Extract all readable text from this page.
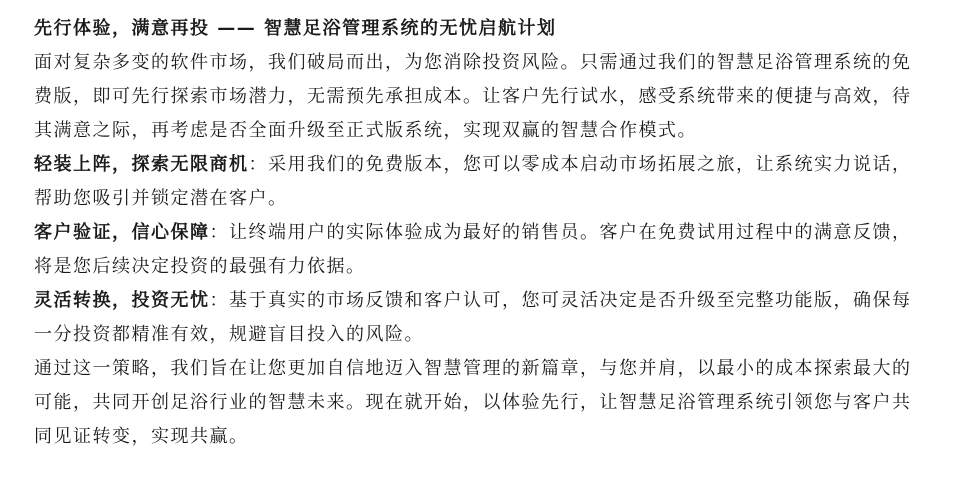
先行体验，满意再投 —— 智慧足浴管理系统的无忧启航计划

面对复杂多变的软件市场，我们破局而出，为您消除投资风险。只需通过我们的智慧足浴管理系统的免费版，即可先行探索市场潜力，无需预先承担成本。让客户先行试水，感受系统带来的便捷与高效，待其满意之际，再考虑是否全面升级至正式版系统，实现双赢的智慧合作模式。

轻装上阵，探索无限商机：采用我们的免费版本，您可以零成本启动市场拓展之旅，让系统实力说话，帮助您吸引并锁定潜在客户。

客户验证，信心保障：让终端用户的实际体验成为最好的销售员。客户在免费试用过程中的满意反馈，将是您后续决定投资的最强有力依据。

灵活转换，投资无忧：基于真实的市场反馈和客户认可，您可灵活决定是否升级至完整功能版，确保每一分投资都精准有效，规避盲目投入的风险。

通过这一策略，我们旨在让您更加自信地迈入智慧管理的新篇章，与您并肩，以最小的成本探索最大的可能，共同开创足浴行业的智慧未来。现在就开始，以体验先行，让智慧足浴管理系统引领您与客户共同见证转变，实现共赢。
